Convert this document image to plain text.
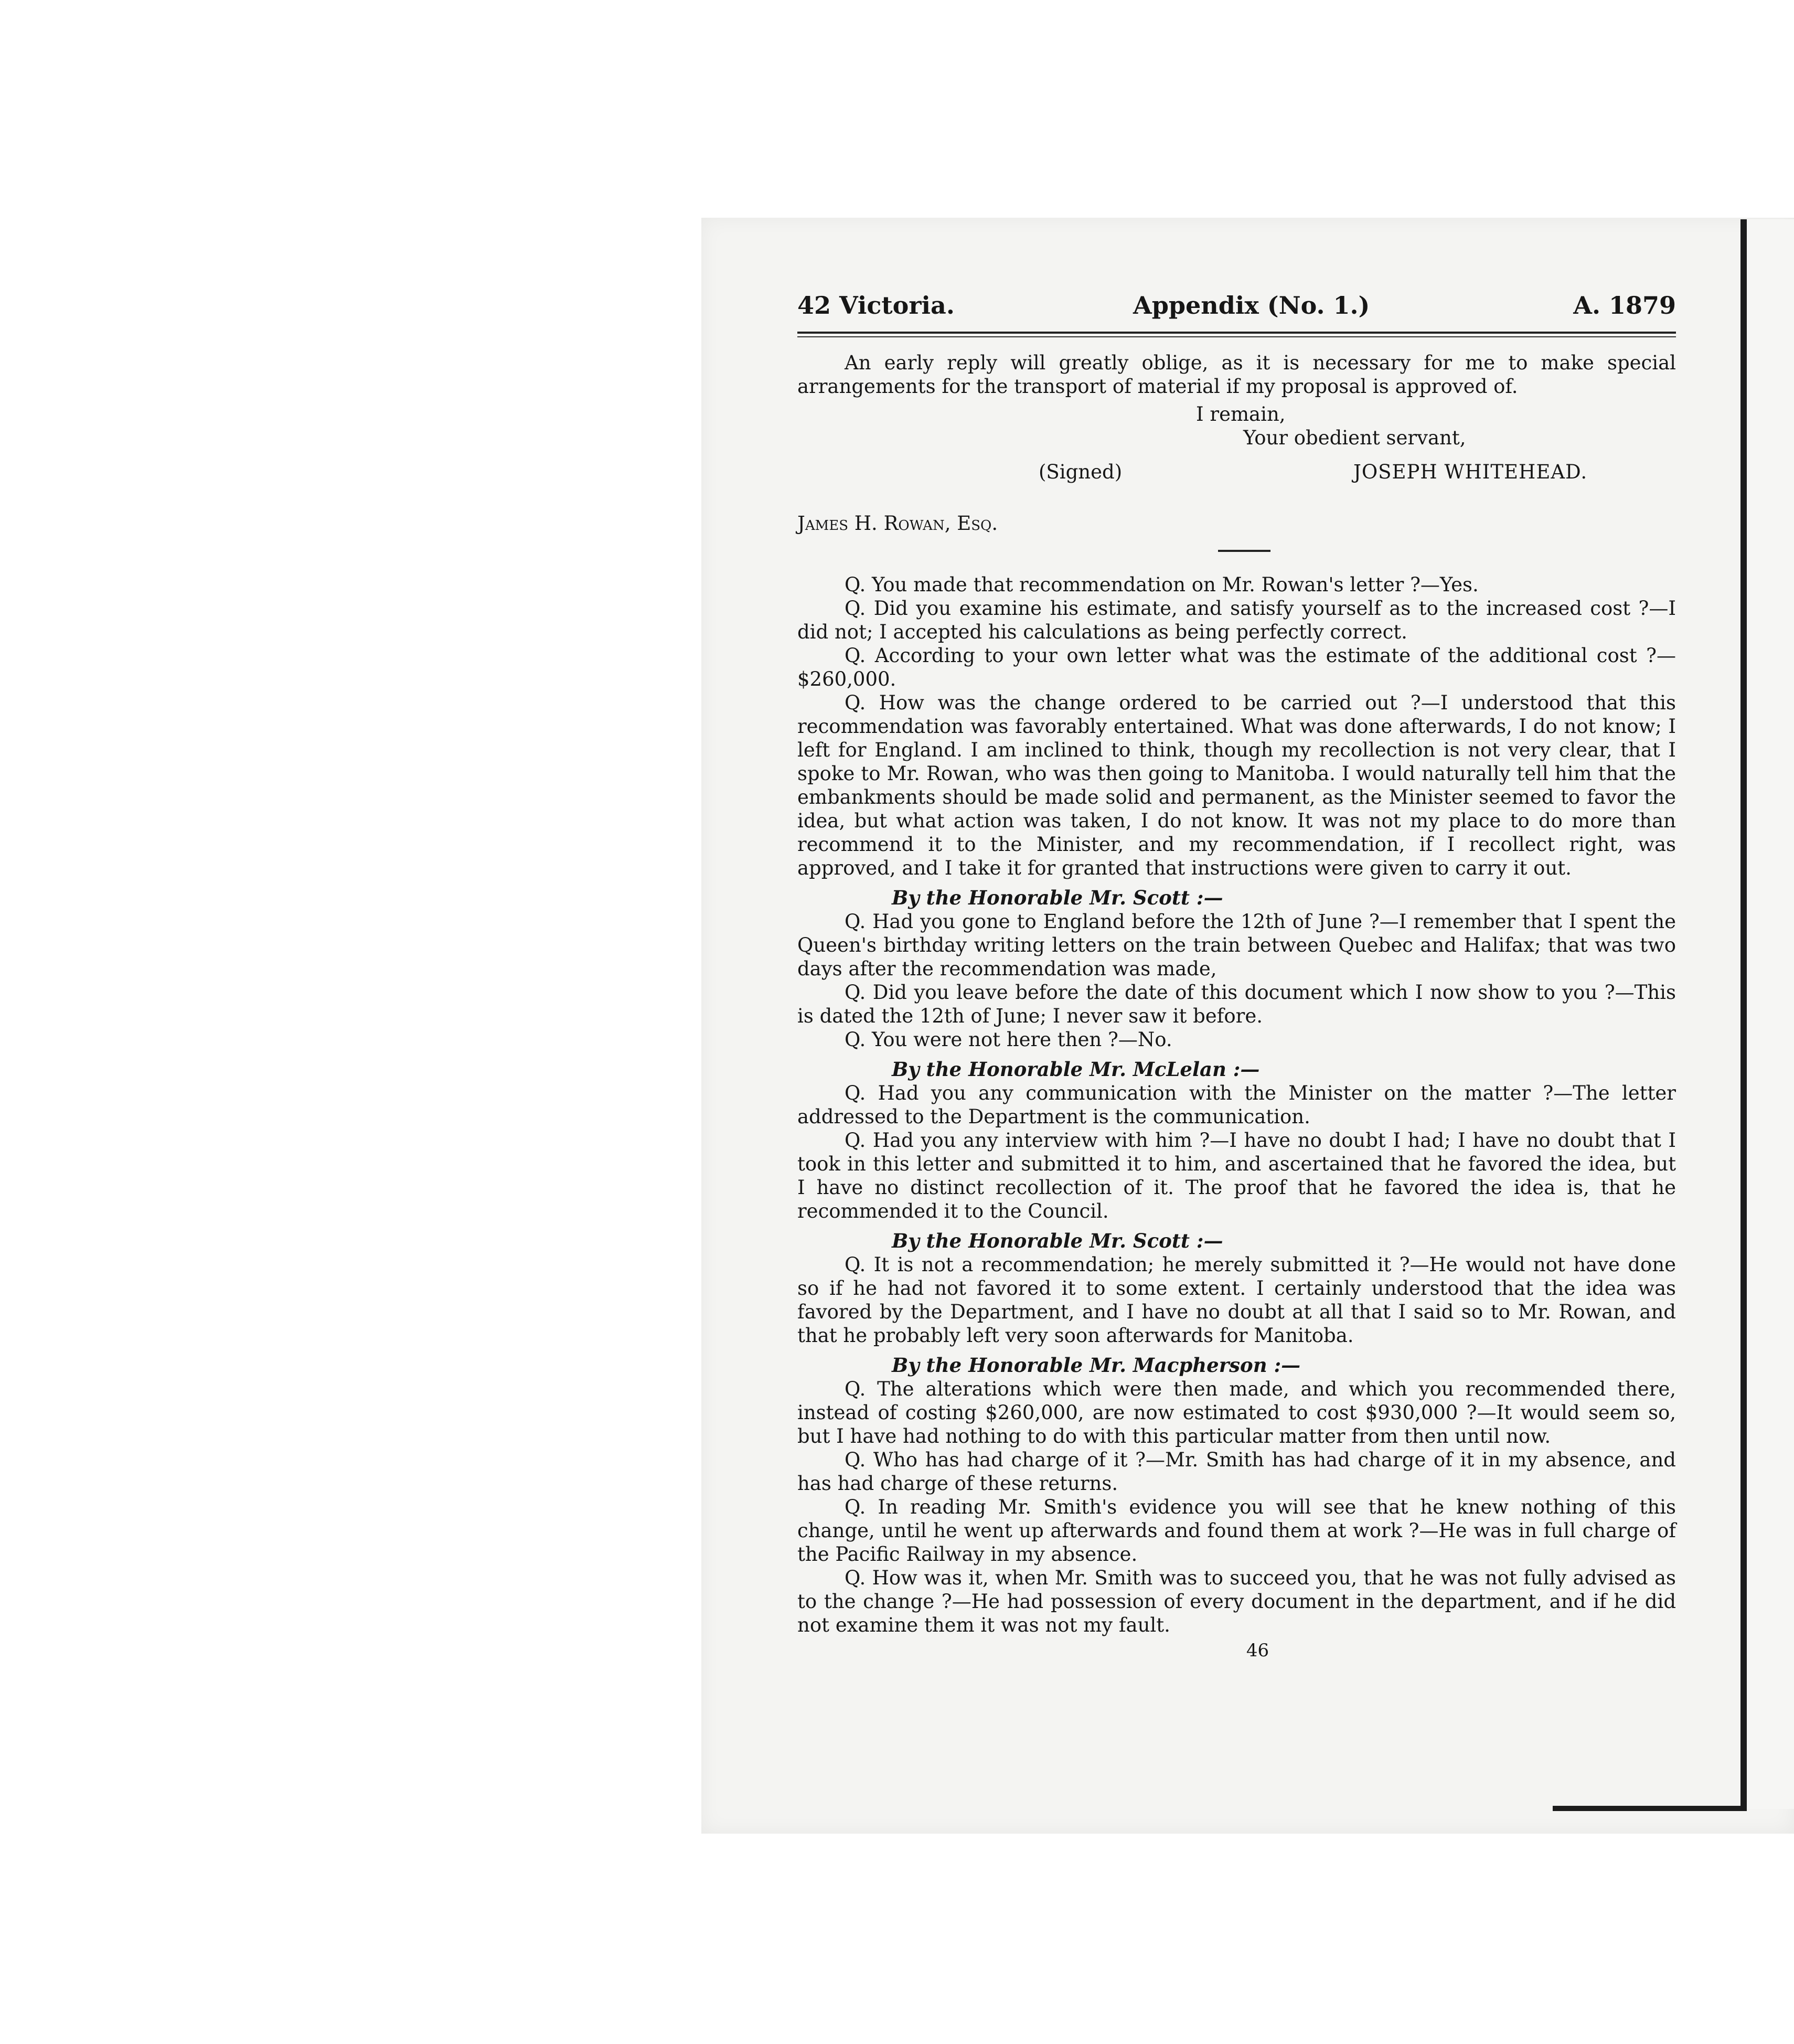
42 Victoria.	Appendix (No. 1.)	A. 1879

An early reply will greatly oblige, as it is necessary for me to make special arrangements for the transport of material if my proposal is approved of.

I remain,

Your obedient servant,

(Signed)	JOSEPH WHITEHEAD.

James H. Rowan, Esq.

Q. You made that recommendation on Mr. Rowan's letter ?—Yes.

Q. Did you examine his estimate, and satisfy yourself as to the increased cost ?—I did not; I accepted his calculations as being perfectly correct.

Q. According to your own letter what was the estimate of the additional cost ?—$260,000.

Q. How was the change ordered to be carried out ?—I understood that this recommendation was favorably entertained. What was done afterwards, I do not know; I left for England. I am inclined to think, though my recollection is not very clear, that I spoke to Mr. Rowan, who was then going to Manitoba. I would naturally tell him that the embankments should be made solid and permanent, as the Minister seemed to favor the idea, but what action was taken, I do not know. It was not my place to do more than recommend it to the Minister, and my recommendation, if I recollect right, was approved, and I take it for granted that instructions were given to carry it out.

By the Honorable Mr. Scott :—

Q. Had you gone to England before the 12th of June ?—I remember that I spent the Queen's birthday writing letters on the train between Quebec and Halifax; that was two days after the recommendation was made,

Q. Did you leave before the date of this document which I now show to you ?—This is dated the 12th of June; I never saw it before.

Q. You were not here then ?—No.

By the Honorable Mr. McLelan :—

Q. Had you any communication with the Minister on the matter ?—The letter addressed to the Department is the communication.

Q. Had you any interview with him ?—I have no doubt I had; I have no doubt that I took in this letter and submitted it to him, and ascertained that he favored the idea, but I have no distinct recollection of it. The proof that he favored the idea is, that he recommended it to the Council.

By the Honorable Mr. Scott :—

Q. It is not a recommendation; he merely submitted it ?—He would not have done so if he had not favored it to some extent. I certainly understood that the idea was favored by the Department, and I have no doubt at all that I said so to Mr. Rowan, and that he probably left very soon afterwards for Manitoba.

By the Honorable Mr. Macpherson :—

Q. The alterations which were then made, and which you recommended there, instead of costing $260,000, are now estimated to cost $930,000 ?—It would seem so, but I have had nothing to do with this particular matter from then until now.

Q. Who has had charge of it ?—Mr. Smith has had charge of it in my absence, and has had charge of these returns.

Q. In reading Mr. Smith's evidence you will see that he knew nothing of this change, until he went up afterwards and found them at work ?—He was in full charge of the Pacific Railway in my absence.

Q. How was it, when Mr. Smith was to succeed you, that he was not fully advised as to the change ?—He had possession of every document in the department, and if he did not examine them it was not my fault.

46
